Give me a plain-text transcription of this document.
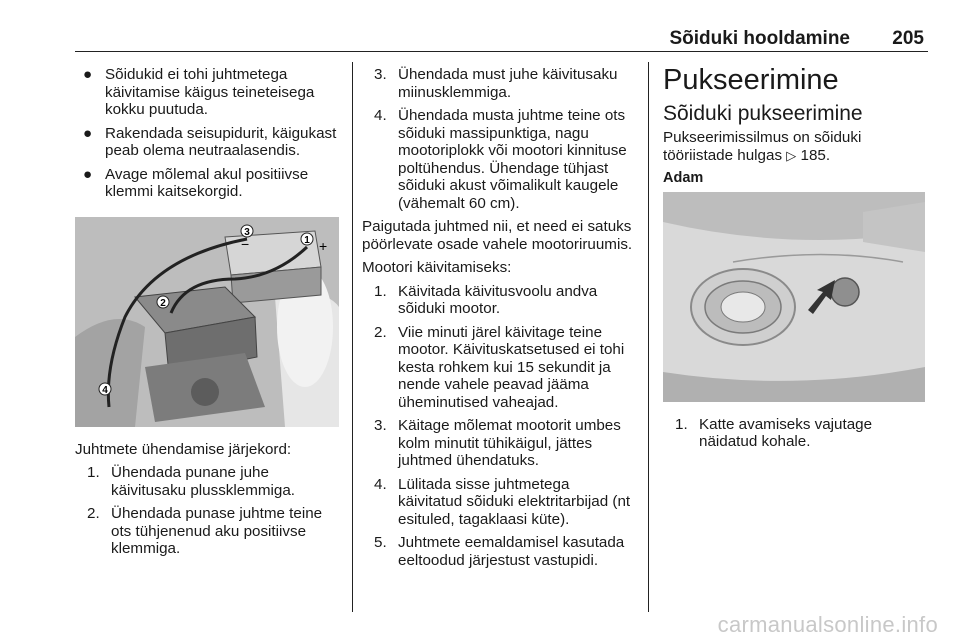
Sõiduki hooldamine 205
● Sõidukid ei tohi juhtmetega käivitamise käigus teineteisega kokku puutuda.
● Rakendada seisupidurit, käigukast peab olema neutraalasendis.
● Avage mõlemal akul positiivse klemmi kaitsekorgid.
1 +
2
3
−
4
Juhtmete ühendamise järjekord:
1. Ühendada punane juhe käivitusaku plussklemmiga.
2. Ühendada punase juhtme teine ots tühjenenud aku positiivse klemmiga.
3. Ühendada must juhe käivitusaku miinusklemmiga.
4. Ühendada musta juhtme teine ots sõiduki massipunktiga, nagu mootoriplokk või mootori kinnituse poltühendus. Ühendage tühjast sõiduki akust võimalikult kaugele (vähemalt 60 cm).
Paigutada juhtmed nii, et need ei satuks pöörlevate osade vahele mootoriruumis.
Mootori käivitamiseks:
1. Käivitada käivitusvoolu andva sõiduki mootor.
2. Viie minuti järel käivitage teine mootor. Käivituskatsetused ei tohi kesta rohkem kui 15 sekundit ja nende vahele peavad jääma üheminutised vaheajad.
3. Käitage mõlemat mootorit umbes kolm minutit tühikäigul, jättes juhtmed ühendatuks.
4. Lülitada sisse juhtmetega käivitatud sõiduki elektritarbijad (nt esituled, tagaklaasi küte).
5. Juhtmete eemaldamisel kasutada eeltoodud järjestust vastupidi.
Pukseerimine
Sõiduki pukseerimine
Pukseerimissilmus on sõiduki tööriistade hulgas ▷ 185.
Adam
1. Katte avamiseks vajutage näidatud kohale.
carmanualsonline.info
